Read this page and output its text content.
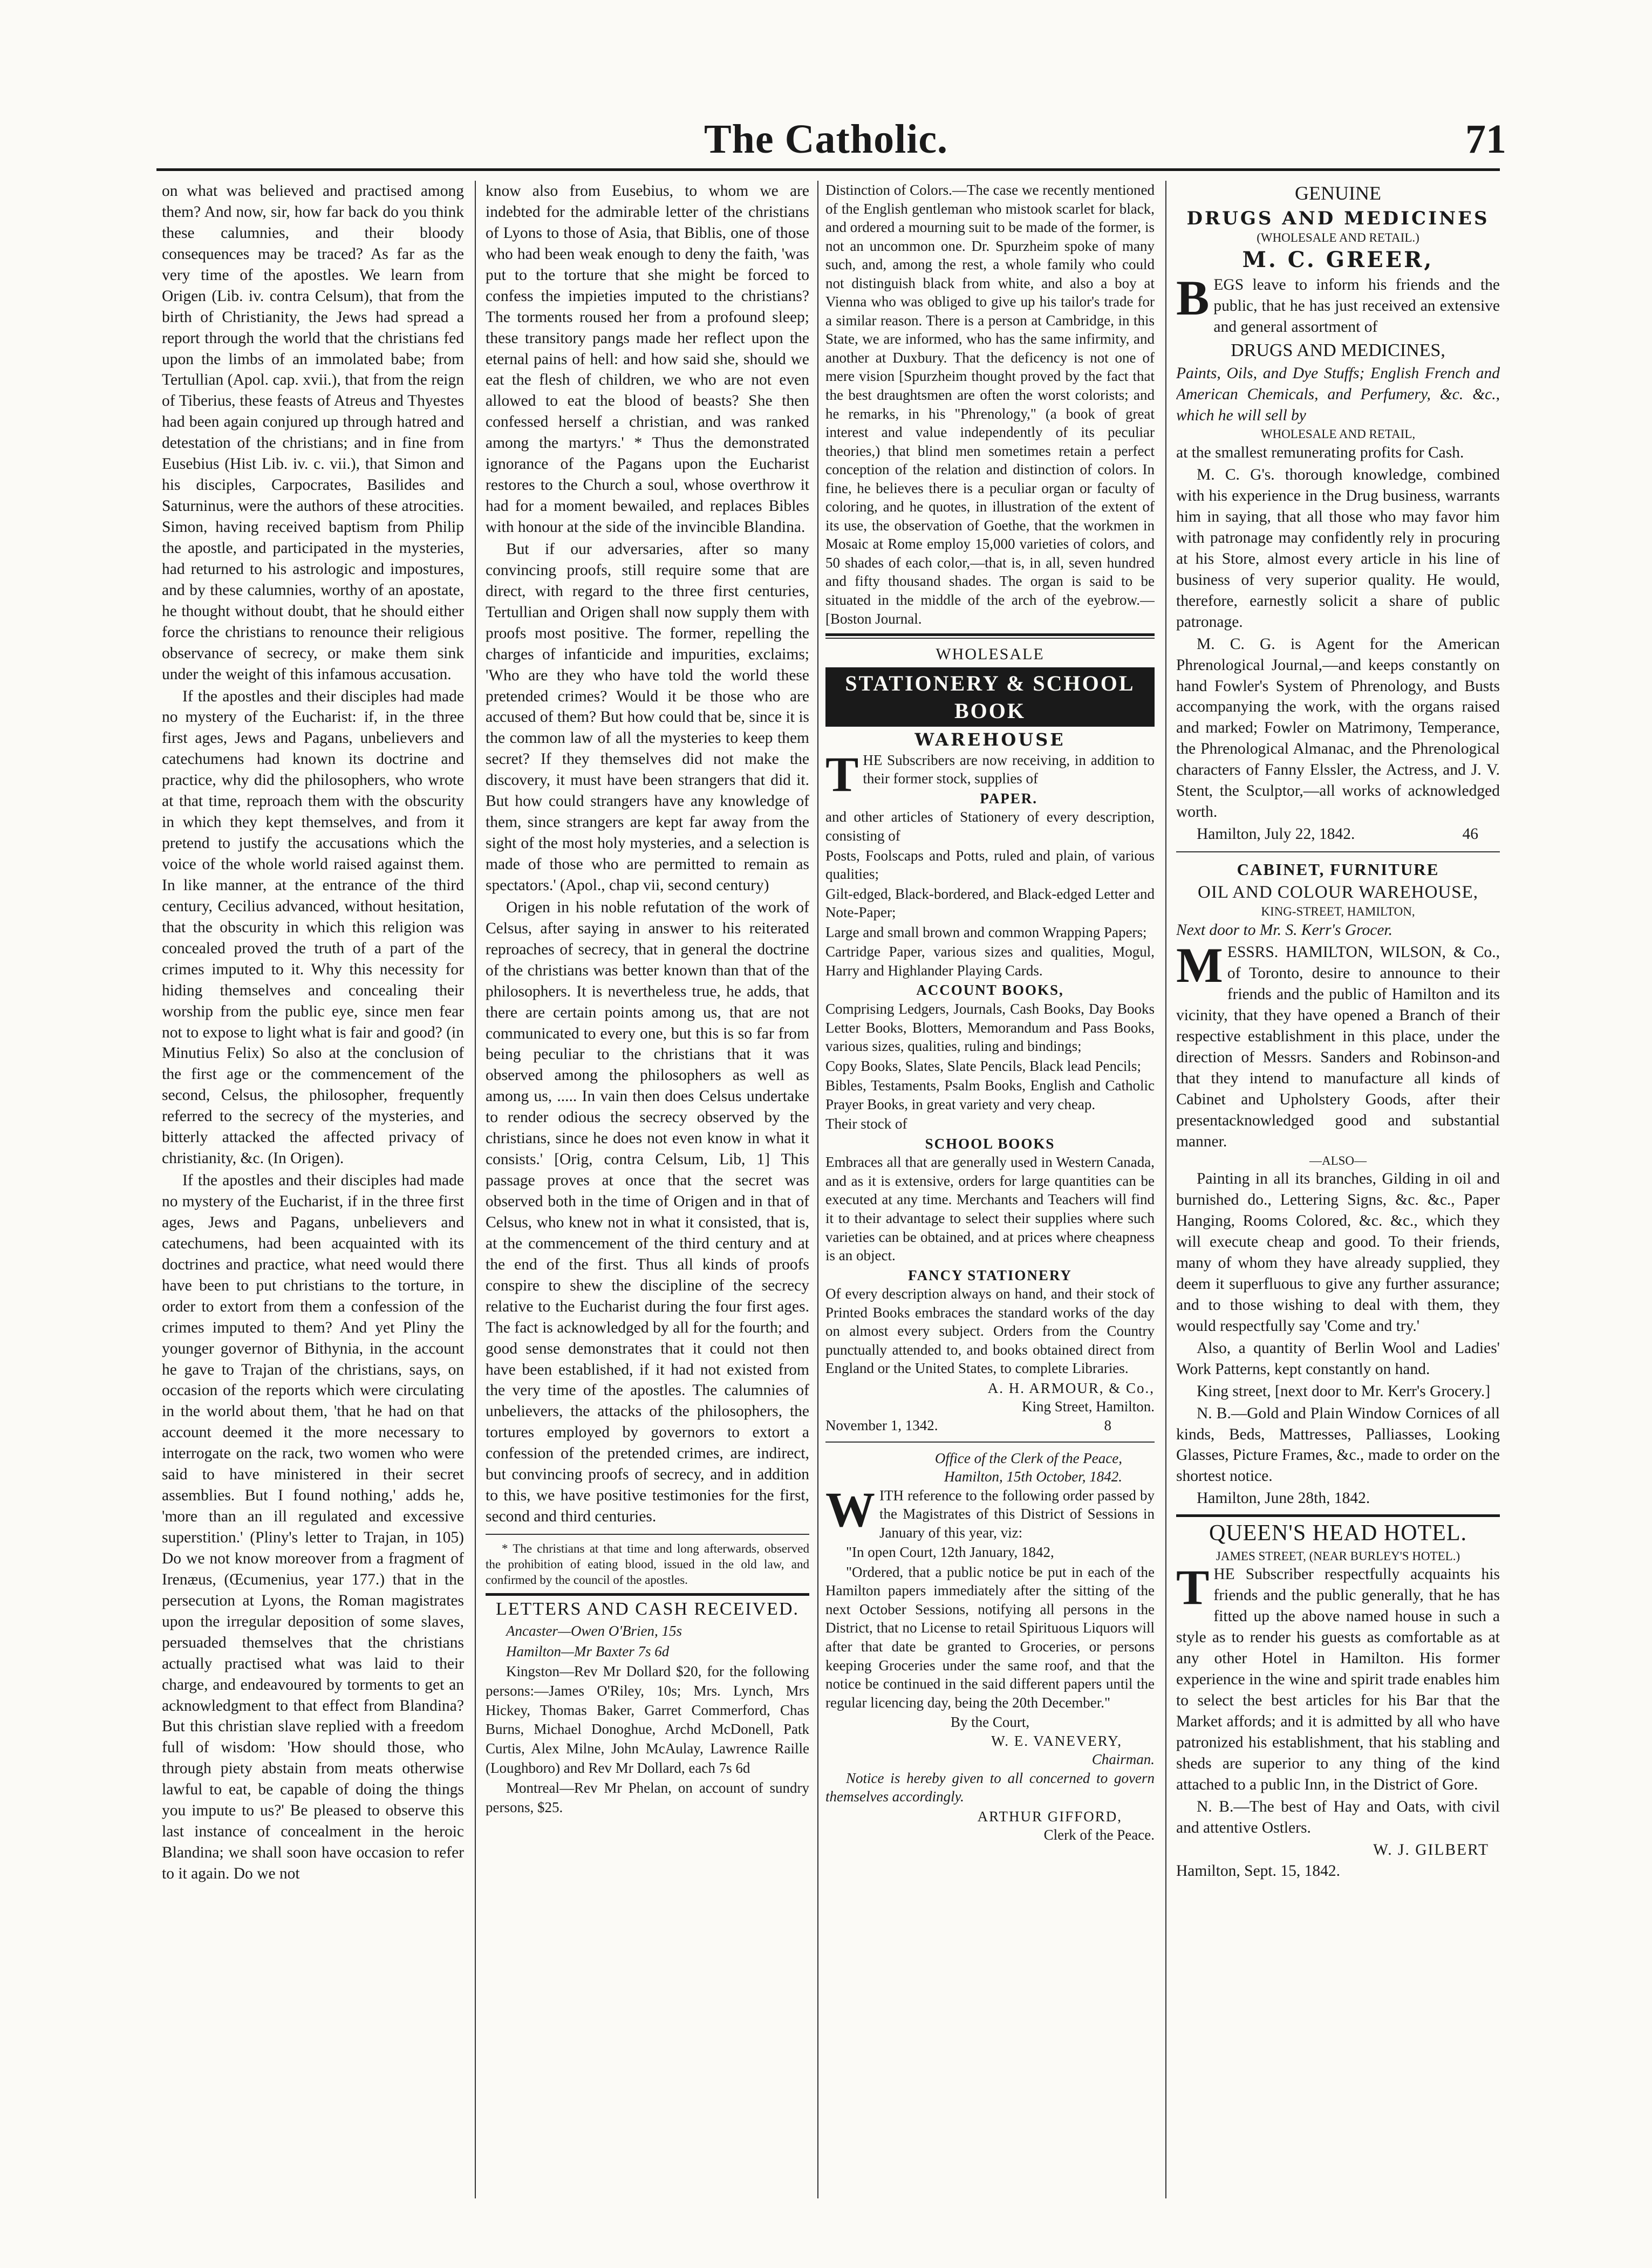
The Catholic.	71

on what was believed and practised among them? And now, sir, how far back do you think these calumnies, and their bloody consequences may be traced? As far as the very time of the apostles. We learn from Origen (Lib. iv. contra Celsum), that from the birth of Christianity, the Jews had spread a report through the world that the christians fed upon the limbs of an immolated babe; from Tertullian (Apol. cap. xvii.), that from the reign of Tiberius, these feasts of Atreus and Thyestes had been again conjured up through hatred and detestation of the christians; and in fine from Eusebius (Hist Lib. iv. c. vii.), that Simon and his disciples, Carpocrates, Basilides and Saturninus, were the authors of these atrocities. Simon, having received baptism from Philip the apostle, and participated in the mysteries, had returned to his astrologic and impostures, and by these calumnies, worthy of an apostate, he thought without doubt, that he should either force the christians to renounce their religious observance of secrecy, or make them sink under the weight of this infamous accusation.

If the apostles and their disciples had made no mystery of the Eucharist: if, in the three first ages, Jews and Pagans, unbelievers and catechumens had known its doctrine and practice, why did the philosophers, who wrote at that time, reproach them with the obscurity in which they kept themselves, and from it pretend to justify the accusations which the voice of the whole world raised against them. In like manner, at the entrance of the third century, Cecilius advanced, without hesitation, that the obscurity in which this religion was concealed proved the truth of a part of the crimes imputed to it. Why this necessity for hiding themselves and concealing their worship from the public eye, since men fear not to expose to light what is fair and good? (in Minutius Felix) So also at the conclusion of the first age or the commencement of the second, Celsus, the philosopher, frequently referred to the secrecy of the mysteries, and bitterly attacked the affected privacy of christianity, &c. (In Origen).

If the apostles and their disciples had made no mystery of the Eucharist, if in the three first ages, Jews and Pagans, unbelievers and catechumens, had been acquainted with its doctrines and practice, what need would there have been to put christians to the torture, in order to extort from them a confession of the crimes imputed to them? And yet Pliny the younger governor of Bithynia, in the account he gave to Trajan of the christians, says, on occasion of the reports which were circulating in the world about them, 'that he had on that account deemed it the more necessary to interrogate on the rack, two women who were said to have ministered in their secret assemblies. But I found nothing,' adds he, 'more than an ill regulated and excessive superstition.' (Pliny's letter to Trajan, in 105) Do we not know moreover from a fragment of Irenæus, (Œcumenius, year 177.) that in the persecution at Lyons, the Roman magistrates upon the irregular deposition of some slaves, persuaded themselves that the christians actually practised what was laid to their charge, and endeavoured by torments to get an acknowledgment to that effect from Blandina? But this christian slave replied with a freedom full of wisdom: 'How should those, who through piety abstain from meats otherwise lawful to eat, be capable of doing the things you impute to us?' Be pleased to observe this last instance of concealment in the heroic Blandina; we shall soon have occasion to refer to it again. Do we not

know also from Eusebius, to whom we are indebted for the admirable letter of the christians of Lyons to those of Asia, that Biblis, one of those who had been weak enough to deny the faith, 'was put to the torture that she might be forced to confess the impieties imputed to the christians? The torments roused her from a profound sleep; these transitory pangs made her reflect upon the eternal pains of hell: and how said she, should we eat the flesh of children, we who are not even allowed to eat the blood of beasts? She then confessed herself a christian, and was ranked among the martyrs.' * Thus the demonstrated ignorance of the Pagans upon the Eucharist restores to the Church a soul, whose overthrow it had for a moment bewailed, and replaces Bibles with honour at the side of the invincible Blandina.

But if our adversaries, after so many convincing proofs, still require some that are direct, with regard to the three first centuries, Tertullian and Origen shall now supply them with proofs most positive. The former, repelling the charges of infanticide and impurities, exclaims; 'Who are they who have told the world these pretended crimes? Would it be those who are accused of them? But how could that be, since it is the common law of all the mysteries to keep them secret? If they themselves did not make the discovery, it must have been strangers that did it. But how could strangers have any knowledge of them, since strangers are kept far away from the sight of the most holy mysteries, and a selection is made of those who are permitted to remain as spectators.' (Apol., chap vii, second century)

Origen in his noble refutation of the work of Celsus, after saying in answer to his reiterated reproaches of secrecy, that in general the doctrine of the christians was better known than that of the philosophers. It is nevertheless true, he adds, that there are certain points among us, that are not communicated to every one, but this is so far from being peculiar to the christians that it was observed among the philosophers as well as among us, ..... In vain then does Celsus undertake to render odious the secrecy observed by the christians, since he does not even know in what it consists.' [Orig, contra Celsum, Lib, 1] This passage proves at once that the secret was observed both in the time of Origen and in that of Celsus, who knew not in what it consisted, that is, at the commencement of the third century and at the end of the first. Thus all kinds of proofs conspire to shew the discipline of the secrecy relative to the Eucharist during the four first ages. The fact is acknowledged by all for the fourth; and good sense demonstrates that it could not then have been established, if it had not existed from the very time of the apostles. The calumnies of unbelievers, the attacks of the philosophers, the tortures employed by governors to extort a confession of the pretended crimes, are indirect, but convincing proofs of secrecy, and in addition to this, we have positive testimonies for the first, second and third centuries.

* The christians at that time and long afterwards, observed the prohibition of eating blood, issued in the old law, and confirmed by the council of the apostles.

LETTERS AND CASH RECEIVED.

Ancaster—Owen O'Brien, 15s

Hamilton—Mr Baxter 7s 6d

Kingston—Rev Mr Dollard $20, for the following persons:—James O'Riley, 10s; Mrs. Lynch, Mrs Hickey, Thomas Baker, Garret Commerford, Chas Burns, Michael Donoghue, Archd McDonell, Patk Curtis, Alex Milne, John McAulay, Lawrence Raille (Loughboro) and Rev Mr Dollard, each 7s 6d

Montreal—Rev Mr Phelan, on account of sundry persons, $25.

Distinction of Colors.—The case we recently mentioned of the English gentleman who mistook scarlet for black, and ordered a mourning suit to be made of the former, is not an uncommon one. Dr. Spurzheim spoke of many such, and, among the rest, a whole family who could not distinguish black from white, and also a boy at Vienna who was obliged to give up his tailor's trade for a similar reason. There is a person at Cambridge, in this State, we are informed, who has the same infirmity, and another at Duxbury. That the deficency is not one of mere vision [Spurzheim thought proved by the fact that the best draughtsmen are often the worst colorists; and he remarks, in his "Phrenology," (a book of great interest and value independently of its peculiar theories,) that blind men sometimes retain a perfect conception of the relation and distinction of colors. In fine, he believes there is a peculiar organ or faculty of coloring, and he quotes, in illustration of the extent of its use, the observation of Goethe, that the workmen in Mosaic at Rome employ 15,000 varieties of colors, and 50 shades of each color,—that is, in all, seven hundred and fifty thousand shades. The organ is said to be situated in the middle of the arch of the eyebrow.—[Boston Journal.

WHOLESALE
STATIONERY & SCHOOL BOOK
WAREHOUSE

THE Subscribers are now receiving, in addition to their former stock, supplies of

PAPER.

and other articles of Stationery of every description, consisting of

Posts, Foolscaps and Potts, ruled and plain, of various qualities;

Gilt-edged, Black-bordered, and Black-edged Letter and Note-Paper;

Large and small brown and common Wrapping Papers;

Cartridge Paper, various sizes and qualities, Mogul, Harry and Highlander Playing Cards.

ACCOUNT BOOKS,

Comprising Ledgers, Journals, Cash Books, Day Books Letter Books, Blotters, Memorandum and Pass Books, various sizes, qualities, ruling and bindings;

Copy Books, Slates, Slate Pencils, Black lead Pencils;

Bibles, Testaments, Psalm Books, English and Catholic Prayer Books, in great variety and very cheap.

Their stock of

SCHOOL BOOKS

Embraces all that are generally used in Western Canada, and as it is extensive, orders for large quantities can be executed at any time. Merchants and Teachers will find it to their advantage to select their supplies where such varieties can be obtained, and at prices where cheapness is an object.

FANCY STATIONERY

Of every description always on hand, and their stock of Printed Books embraces the standard works of the day on almost every subject. Orders from the Country punctually attended to, and books obtained direct from England or the United States, to complete Libraries.

A. H. ARMOUR, & Co.,
King Street, Hamilton.
November 1, 1342.	8
Office of the Clerk of the Peace,
Hamilton, 15th October, 1842.

WITH reference to the following order passed by the Magistrates of this District of Sessions in January of this year, viz:

"In open Court, 12th January, 1842,

"Ordered, that a public notice be put in each of the Hamilton papers immediately after the sitting of the next October Sessions, notifying all persons in the District, that no License to retail Spirituous Liquors will after that date be granted to Groceries, or persons keeping Groceries under the same roof, and that the notice be continued in the said different papers until the regular licencing day, being the 20th December."

By the Court,
W. E. VANEVERY,
Chairman.

Notice is hereby given to all concerned to govern themselves accordingly.

ARTHUR GIFFORD,
Clerk of the Peace.
GENUINE
DRUGS AND MEDICINES
(WHOLESALE AND RETAIL.)
M. C. GREER,

BEGS leave to inform his friends and the public, that he has just received an extensive and general assortment of

DRUGS AND MEDICINES,

Paints, Oils, and Dye Stuffs; English French and American Chemicals, and Perfumery, &c. &c., which he will sell by

WHOLESALE AND RETAIL,

at the smallest remunerating profits for Cash.

M. C. G's. thorough knowledge, combined with his experience in the Drug business, warrants him in saying, that all those who may favor him with patronage may confidently rely in procuring at his Store, almost every article in his line of business of very superior quality. He would, therefore, earnestly solicit a share of public patronage.

M. C. G. is Agent for the American Phrenological Journal,—and keeps constantly on hand Fowler's System of Phrenology, and Busts accompanying the work, with the organs raised and marked; Fowler on Matrimony, Temperance, the Phrenological Almanac, and the Phrenological characters of Fanny Elssler, the Actress, and J. V. Stent, the Sculptor,—all works of acknowledged worth.

Hamilton, July 22, 1842.	46
CABINET, FURNITURE
OIL AND COLOUR WAREHOUSE,
KING-STREET, HAMILTON,

Next door to Mr. S. Kerr's Grocer.

MESSRS. HAMILTON, WILSON, & Co., of Toronto, desire to announce to their friends and the public of Hamilton and its vicinity, that they have opened a Branch of their respective establishment in this place, under the direction of Messrs. Sanders and Robinson-and that they intend to manufacture all kinds of Cabinet and Upholstery Goods, after their presentacknowledged good and substantial manner.

—ALSO—

Painting in all its branches, Gilding in oil and burnished do., Lettering Signs, &c. &c., Paper Hanging, Rooms Colored, &c. &c., which they will execute cheap and good. To their friends, many of whom they have already supplied, they deem it superfluous to give any further assurance; and to those wishing to deal with them, they would respectfully say 'Come and try.'

Also, a quantity of Berlin Wool and Ladies' Work Patterns, kept constantly on hand.

King street, [next door to Mr. Kerr's Grocery.]

N. B.—Gold and Plain Window Cornices of all kinds, Beds, Mattresses, Palliasses, Looking Glasses, Picture Frames, &c., made to order on the shortest notice.

Hamilton, June 28th, 1842.

QUEEN'S HEAD HOTEL.
JAMES STREET, (NEAR BURLEY'S HOTEL.)

THE Subscriber respectfully acquaints his friends and the public generally, that he has fitted up the above named house in such a style as to render his guests as comfortable as at any other Hotel in Hamilton. His former experience in the wine and spirit trade enables him to select the best articles for his Bar that the Market affords; and it is admitted by all who have patronized his establishment, that his stabling and sheds are superior to any thing of the kind attached to a public Inn, in the District of Gore.

N. B.—The best of Hay and Oats, with civil and attentive Ostlers.

W. J. GILBERT

Hamilton, Sept. 15, 1842.
